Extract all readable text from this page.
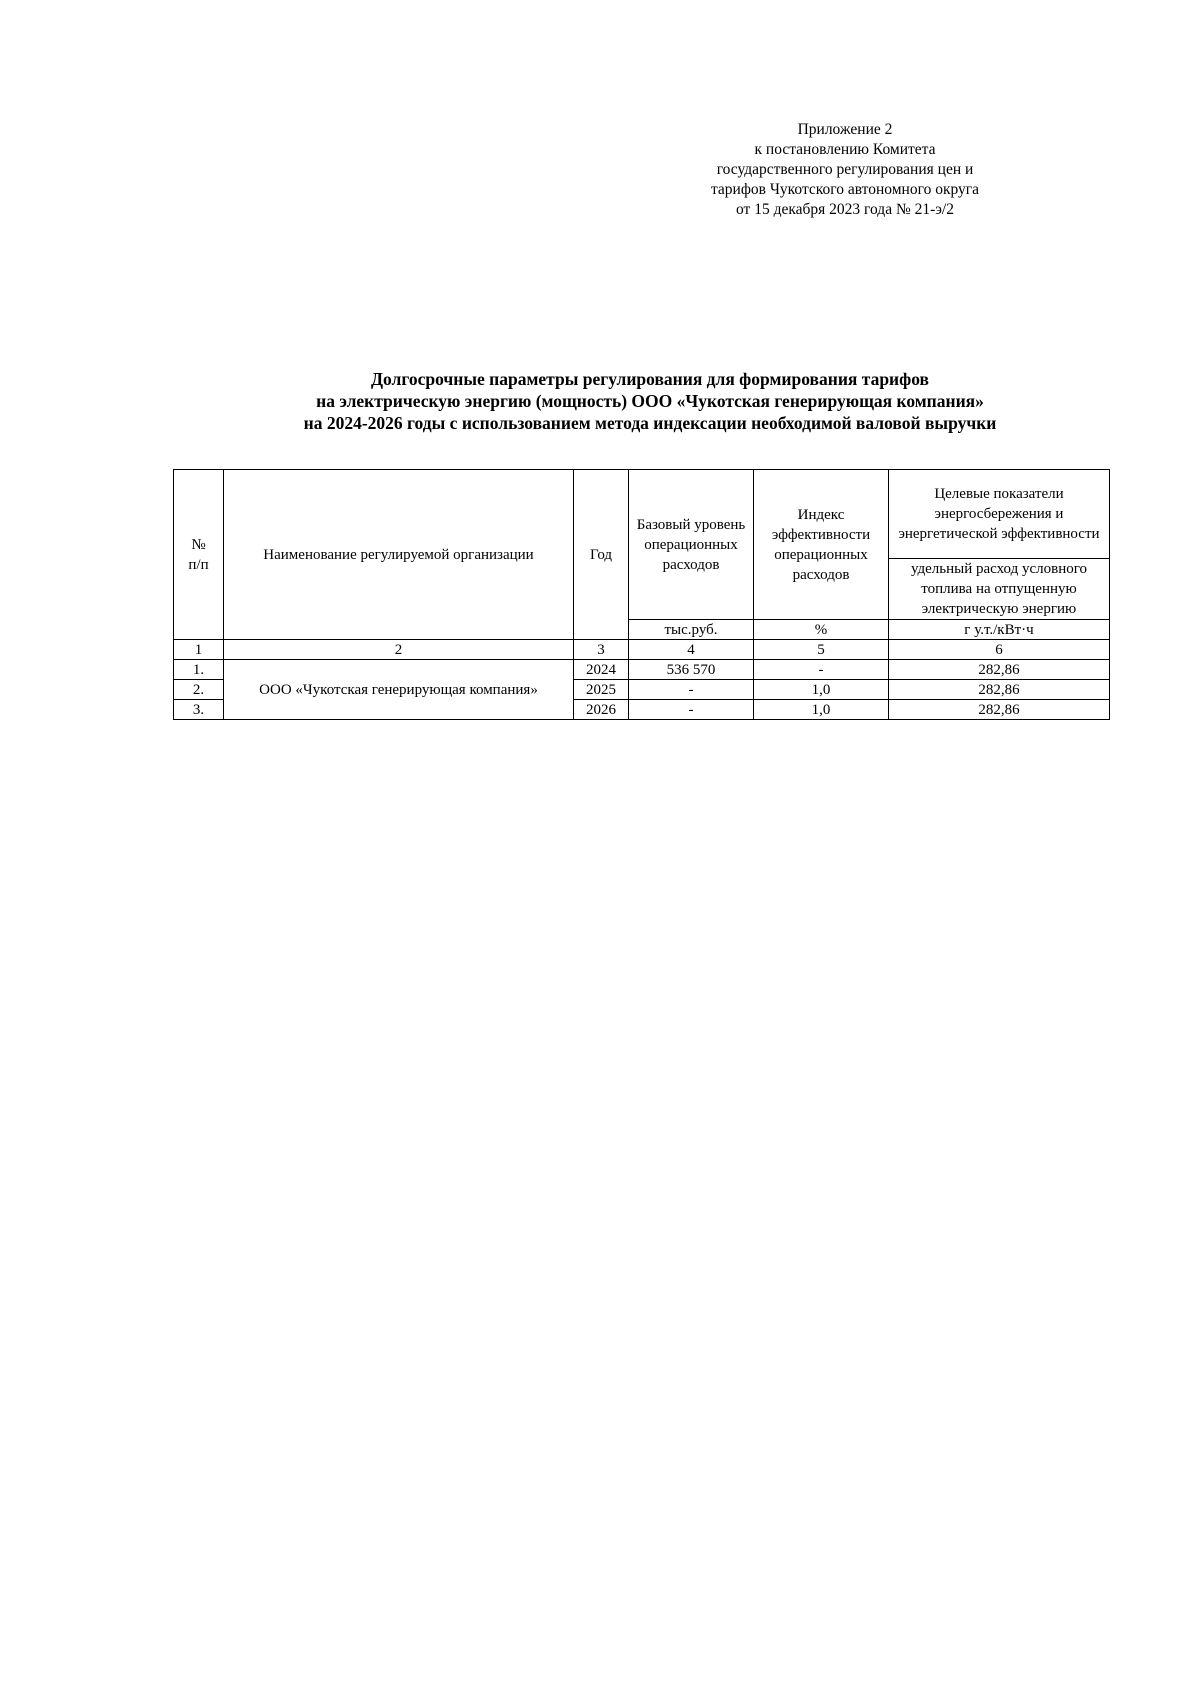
Приложение 2
к постановлению Комитета
государственного регулирования цен и
тарифов Чукотского автономного округа
от 15 декабря 2023 года № 21-э/2
Долгосрочные параметры регулирования для формирования тарифов
на электрическую энергию (мощность) ООО «Чукотская генерирующая компания»
на 2024-2026 годы с использованием метода индексации необходимой валовой выручки
№
п/п	Наименование регулируемой организации	Год	Базовый уровень операционных расходов	Индекс эффективности операционных расходов	Целевые показатели энергосбережения и энергетической эффективности
					удельный расход условного топлива на отпущенную электрическую энергию
			тыс.руб.	%	г у.т./кВт·ч
1	2	3	4	5	6
1.	ООО «Чукотская генерирующая компания»	2024	536 570	-	282,86
2.		2025	-	1,0	282,86
3.		2026	-	1,0	282,86
